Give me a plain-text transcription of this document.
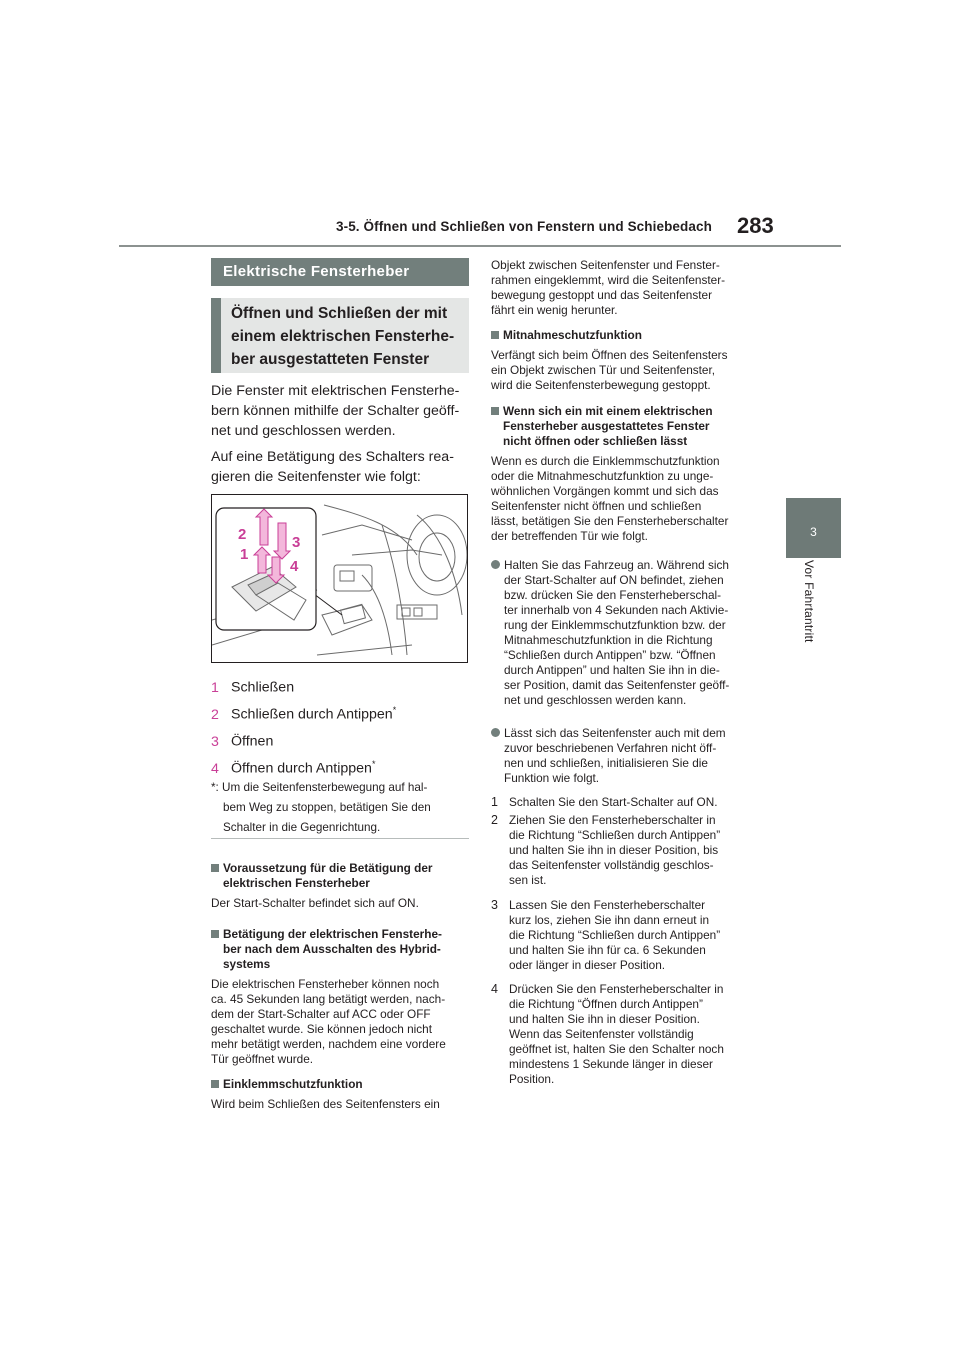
3-5. Öffnen und Schließen von Fenstern und Schiebedach 283
3
Vor Fahrtantritt
Elektrische Fensterheber
Öffnen und Schließen der mit
einem elektrischen Fensterhe-
ber ausgestatteten Fenster
Die Fenster mit elektrischen Fensterhe-
bern können mithilfe der Schalter geöff-
net und geschlossen werden.
Auf eine Betätigung des Schalters rea-
gieren die Seitenfenster wie folgt:
2	3
1
4
1 Schließen
2 Schließen durch Antippen*
3 Öffnen
4 Öffnen durch Antippen*
*: Um die Seitenfensterbewegung auf hal-
bem Weg zu stoppen, betätigen Sie den
Schalter in die Gegenrichtung.
Voraussetzung für die Betätigung der
elektrischen Fensterheber
Der Start-Schalter befindet sich auf ON.
Betätigung der elektrischen Fensterhe-
ber nach dem Ausschalten des Hybrid-
systems
Die elektrischen Fensterheber können noch
ca. 45 Sekunden lang betätigt werden, nach-
dem der Start-Schalter auf ACC oder OFF
geschaltet wurde. Sie können jedoch nicht
mehr betätigt werden, nachdem eine vordere
Tür geöffnet wurde.
Einklemmschutzfunktion
Wird beim Schließen des Seitenfensters ein
Objekt zwischen Seitenfenster und Fenster-
rahmen eingeklemmt, wird die Seitenfenster-
bewegung gestoppt und das Seitenfenster
fährt ein wenig herunter.
Mitnahmeschutzfunktion
Verfängt sich beim Öffnen des Seitenfensters
ein Objekt zwischen Tür und Seitenfenster,
wird die Seitenfensterbewegung gestoppt.
Wenn sich ein mit einem elektrischen
Fensterheber ausgestattetes Fenster
nicht öffnen oder schließen lässt
Wenn es durch die Einklemmschutzfunktion
oder die Mitnahmeschutzfunktion zu unge-
wöhnlichen Vorgängen kommt und sich das
Seitenfenster nicht öffnen und schließen
lässt, betätigen Sie den Fensterheberschalter
der betreffenden Tür wie folgt.
Halten Sie das Fahrzeug an. Während sich
der Start-Schalter auf ON befindet, ziehen
bzw. drücken Sie den Fensterheberschal-
ter innerhalb von 4 Sekunden nach Aktivie-
rung der Einklemmschutzfunktion bzw. der
Mitnahmeschutzfunktion in die Richtung
“Schließen durch Antippen” bzw. “Öffnen
durch Antippen” und halten Sie ihn in die-
ser Position, damit das Seitenfenster geöff-
net und geschlossen werden kann.
Lässt sich das Seitenfenster auch mit dem
zuvor beschriebenen Verfahren nicht öff-
nen und schließen, initialisieren Sie die
Funktion wie folgt.
1 Schalten Sie den Start-Schalter auf ON.
2 Ziehen Sie den Fensterheberschalter in
die Richtung “Schließen durch Antippen”
und halten Sie ihn in dieser Position, bis
das Seitenfenster vollständig geschlos-
sen ist.
3 Lassen Sie den Fensterheberschalter
kurz los, ziehen Sie ihn dann erneut in
die Richtung “Schließen durch Antippen”
und halten Sie ihn für ca. 6 Sekunden
oder länger in dieser Position.
4 Drücken Sie den Fensterheberschalter in
die Richtung “Öffnen durch Antippen”
und halten Sie ihn in dieser Position.
Wenn das Seitenfenster vollständig
geöffnet ist, halten Sie den Schalter noch
mindestens 1 Sekunde länger in dieser
Position.
